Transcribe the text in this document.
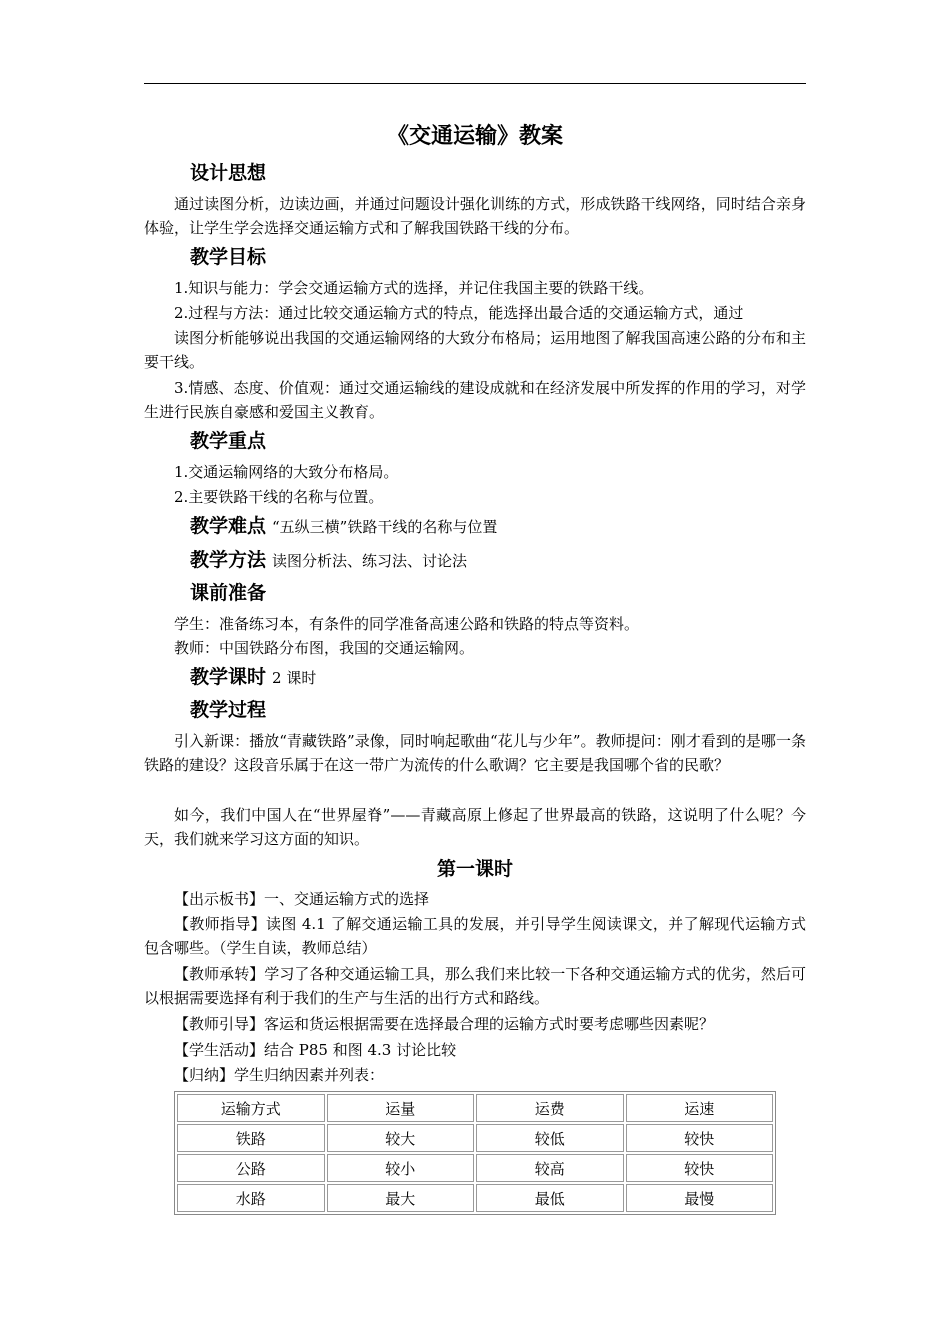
《交通运输》教案
设计思想
通过读图分析，边读边画，并通过问题设计强化训练的方式，形成铁路干线网络，同时结合亲身体验，让学生学会选择交通运输方式和了解我国铁路干线的分布。
教学目标
1.知识与能力：学会交通运输方式的选择，并记住我国主要的铁路干线。
2.过程与方法：通过比较交通运输方式的特点，能选择出最合适的交通运输方式，通过
读图分析能够说出我国的交通运输网络的大致分布格局；运用地图了解我国高速公路的分布和主要干线。
3.情感、态度、价值观：通过交通运输线的建设成就和在经济发展中所发挥的作用的学习，对学生进行民族自豪感和爱国主义教育。
教学重点
1.交通运输网络的大致分布格局。
2.主要铁路干线的名称与位置。
教学难点 “五纵三横”铁路干线的名称与位置
教学方法 读图分析法、练习法、讨论法
课前准备
学生：准备练习本，有条件的同学准备高速公路和铁路的特点等资料。
教师：中国铁路分布图，我国的交通运输网。
教学课时 2 课时
教学过程
引入新课：播放“青藏铁路”录像，同时响起歌曲“花儿与少年”。教师提问：刚才看到的是哪一条铁路的建设？这段音乐属于在这一带广为流传的什么歌调？它主要是我国哪个省的民歌？
如今，我们中国人在“世界屋脊”——青藏高原上修起了世界最高的铁路，这说明了什么呢？今天，我们就来学习这方面的知识。
第一课时
【出示板书】一、交通运输方式的选择
【教师指导】读图 4.1 了解交通运输工具的发展，并引导学生阅读课文，并了解现代运输方式包含哪些。（学生自读，教师总结）
【教师承转】学习了各种交通运输工具，那么我们来比较一下各种交通运输方式的优劣，然后可以根据需要选择有利于我们的生产与生活的出行方式和路线。
【教师引导】客运和货运根据需要在选择最合理的运输方式时要考虑哪些因素呢？
【学生活动】结合 P85 和图 4.3 讨论比较
【归纳】学生归纳因素并列表：
运输方式	运量	运费	运速
铁路	较大	较低	较快
公路	较小	较高	较快
水路	最大	最低	最慢
